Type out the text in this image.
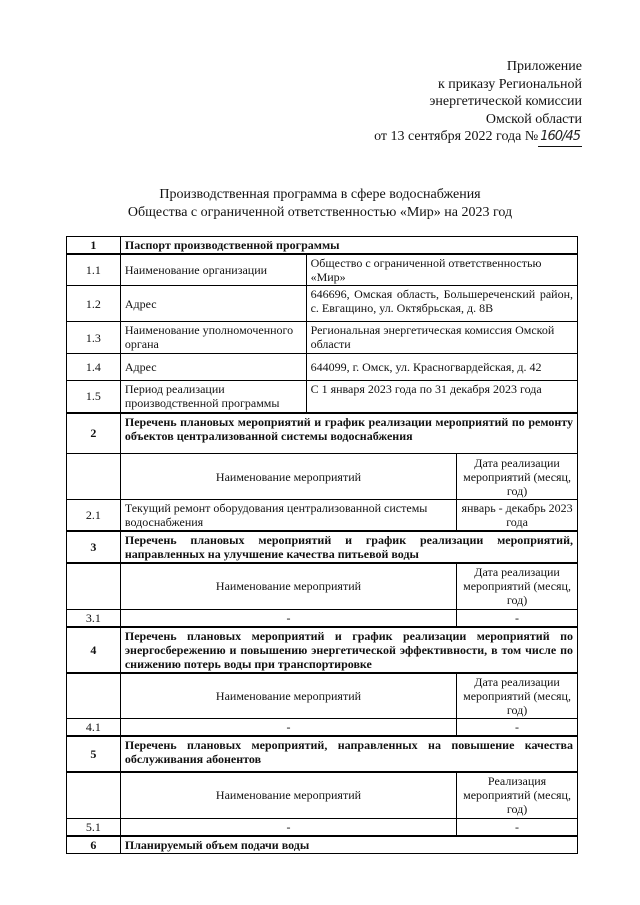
Приложение
к приказу Региональной
энергетической комиссии
Омской области
от 13 сентября 2022 года № 160/45
Производственная программа в сфере водоснабжения
Общества с ограниченной ответственностью «Мир» на 2023 год
1	Паспорт производственной программы		
1.1	Наименование организации	Общество с ограниченной ответственностью «Мир»	
1.2	Адрес	646696, Омская область, Большереченский район, с. Евгащино, ул. Октябрьская, д. 8В	
1.3	Наименование уполномоченного органа	Региональная энергетическая комиссия Омской области	
1.4	Адрес	644099, г. Омск, ул. Красногвардейская, д. 42	
1.5	Период реализации производственной программы	С 1 января 2023 года по 31 декабря 2023 года	
2	Перечень плановых мероприятий и график реализации мероприятий по ремонту объектов централизованной системы водоснабжения		
	Наименование мероприятий		Дата реализации мероприятий (месяц, год)
2.1	Текущий ремонт оборудования централизованной системы водоснабжения		январь - декабрь 2023 года
3	Перечень плановых мероприятий и график реализации мероприятий, направленных на улучшение качества питьевой воды		
	Наименование мероприятий		Дата реализации мероприятий (месяц, год)
3.1	-		-
4	Перечень плановых мероприятий и график реализации мероприятий по энергосбережению и повышению энергетической эффективности, в том числе по снижению потерь воды при транспортировке		
	Наименование мероприятий		Дата реализации мероприятий (месяц, год)
4.1	-		-
5	Перечень плановых мероприятий, направленных на повышение качества обслуживания абонентов		
	Наименование мероприятий		Реализация мероприятий (месяц, год)
5.1	-		-
6	Планируемый объем подачи воды		
